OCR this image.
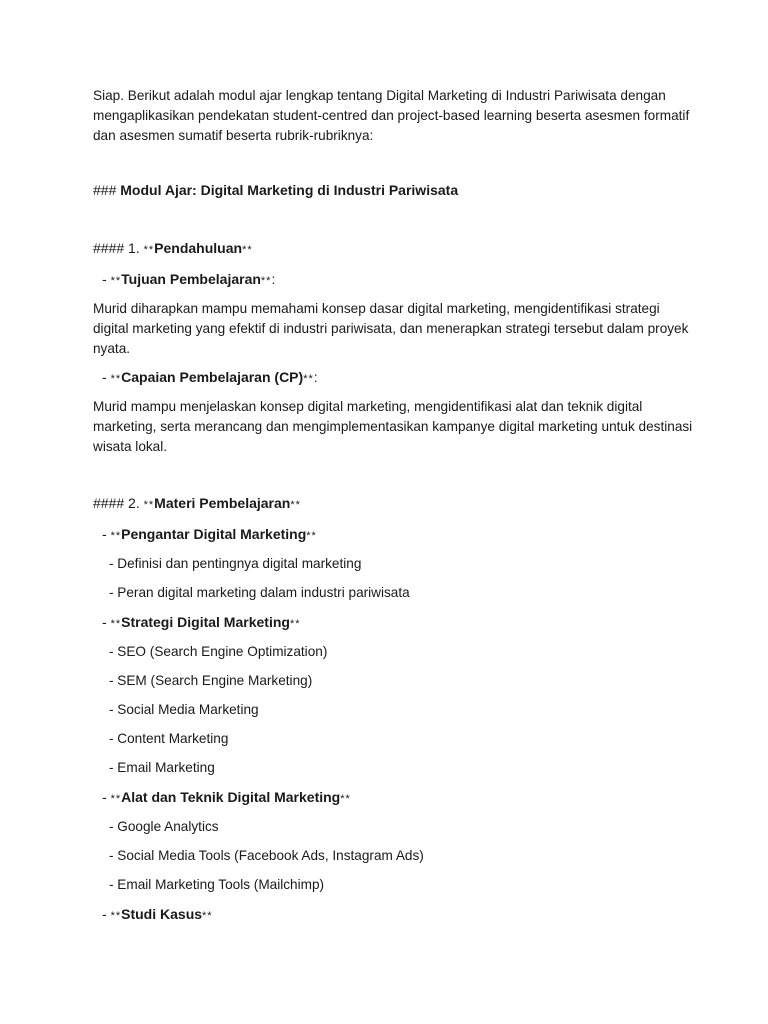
Siap. Berikut adalah modul ajar lengkap tentang Digital Marketing di Industri Pariwisata dengan mengaplikasikan pendekatan student-centred dan project-based learning beserta asesmen formatif dan asesmen sumatif beserta rubrik-rubriknya:

### Modul Ajar: Digital Marketing di Industri Pariwisata

#### 1. **Pendahuluan**

- **Tujuan Pembelajaran**:

Murid diharapkan mampu memahami konsep dasar digital marketing, mengidentifikasi strategi digital marketing yang efektif di industri pariwisata, dan menerapkan strategi tersebut dalam proyek nyata.

- **Capaian Pembelajaran (CP)**:

Murid mampu menjelaskan konsep digital marketing, mengidentifikasi alat dan teknik digital marketing, serta merancang dan mengimplementasikan kampanye digital marketing untuk destinasi wisata lokal.

#### 2. **Materi Pembelajaran**

- **Pengantar Digital Marketing**

- Definisi dan pentingnya digital marketing

- Peran digital marketing dalam industri pariwisata

- **Strategi Digital Marketing**

- SEO (Search Engine Optimization)

- SEM (Search Engine Marketing)

- Social Media Marketing

- Content Marketing

- Email Marketing

- **Alat dan Teknik Digital Marketing**

- Google Analytics

- Social Media Tools (Facebook Ads, Instagram Ads)

- Email Marketing Tools (Mailchimp)

- **Studi Kasus**
